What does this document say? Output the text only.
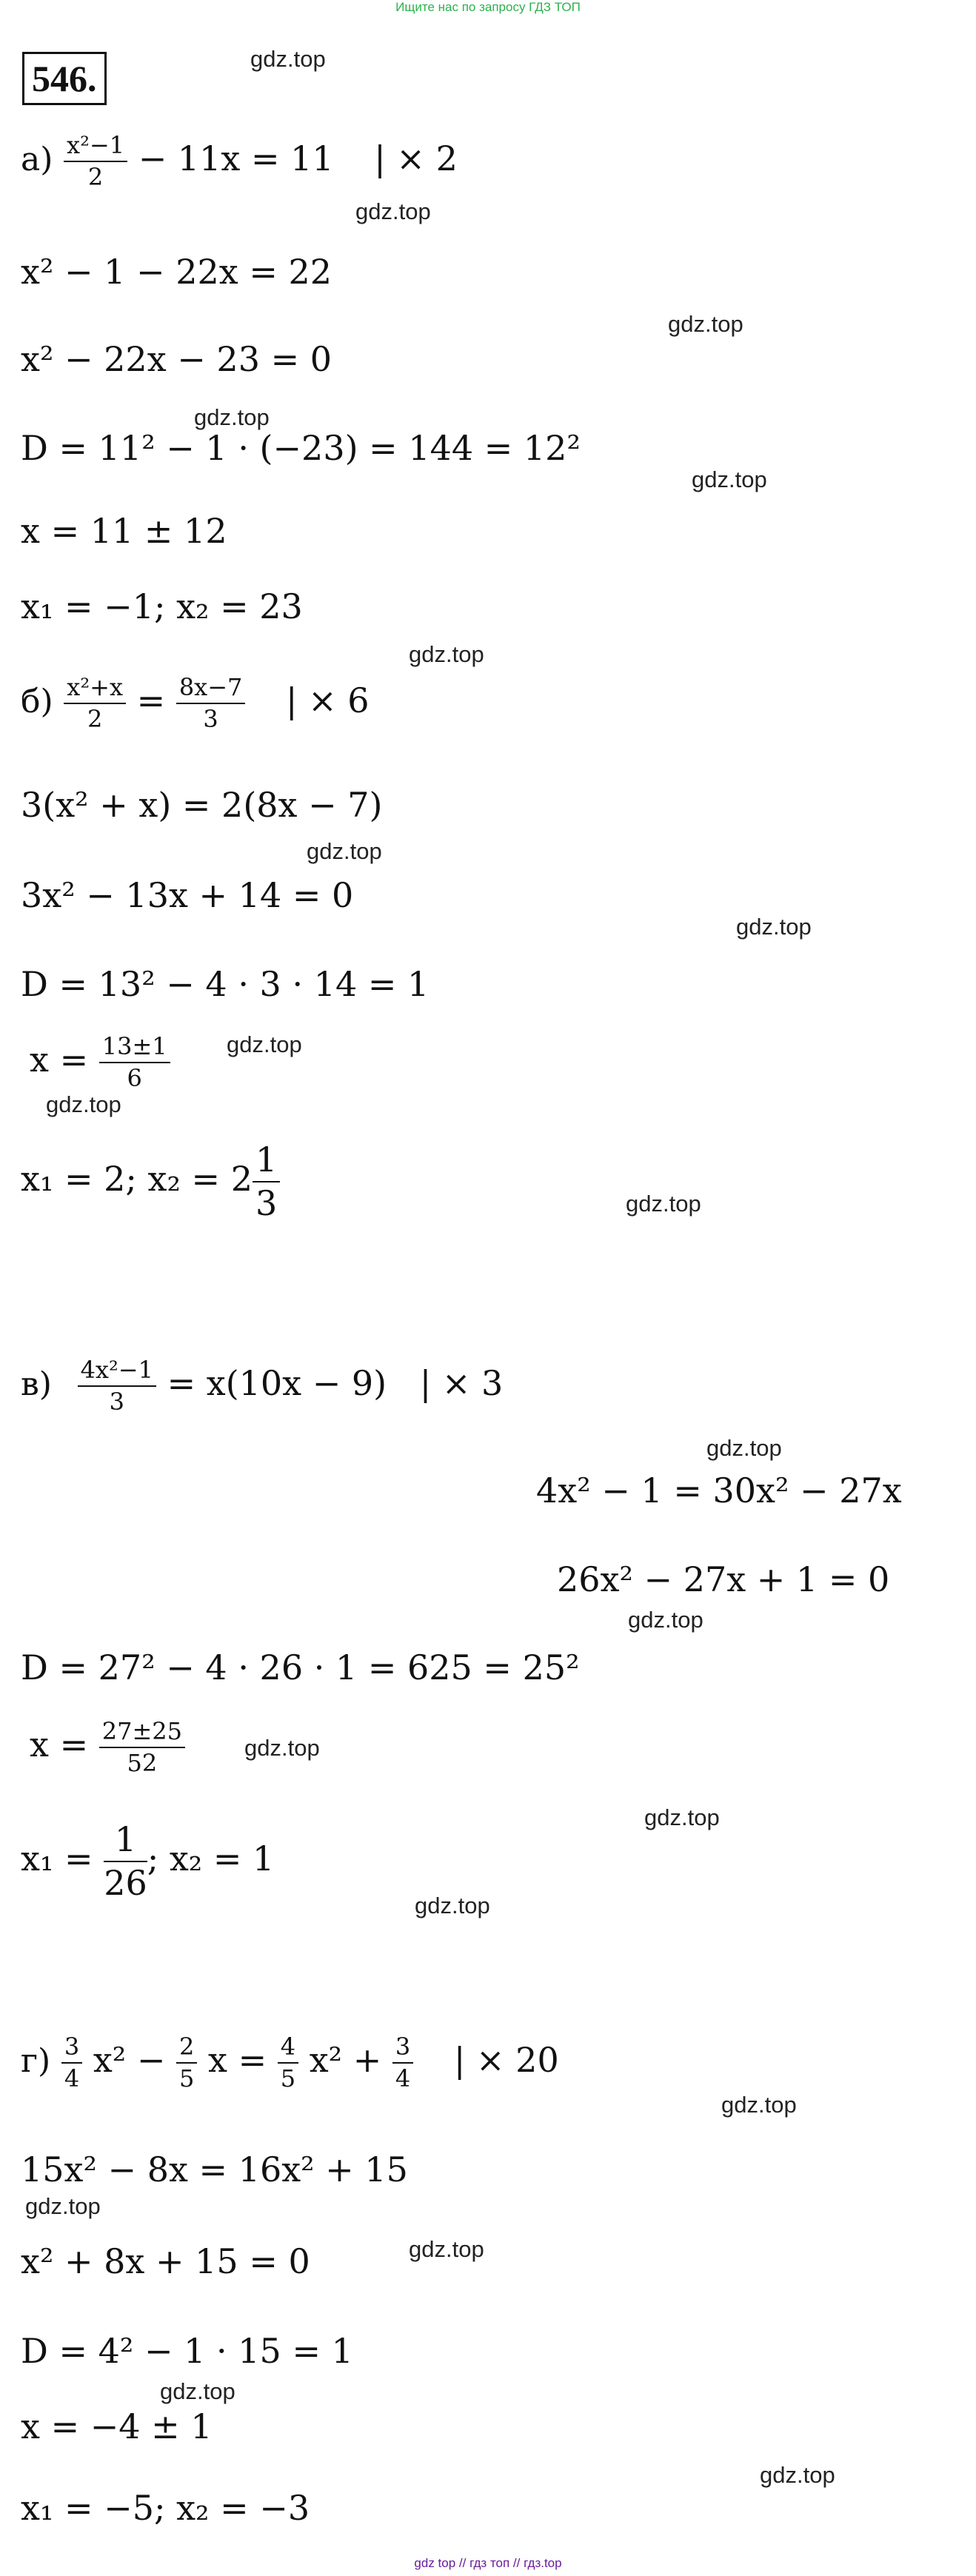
Ищите нас по запросу ГДЗ ТОП
546.	gdz.top
gdz.top
gdz.top
gdz.top
gdz.top
gdz.top
gdz.top
gdz.top
gdz.top
gdz.top
gdz.top
gdz.top
gdz.top
gdz.top
gdz.top
gdz.top
gdz.top
gdz.top
gdz.top
gdz.top
gdz.top
$а) \frac{\text{x²−1}}{2} - 11x = 11$ | × 2
x² − 1 − 22x = 22
x² − 22x − 23 = 0
D = 11² − 1 · (−23) = 144 = 12²
x = 11 ± 12
x₁ = −1; x₂ = 23
$б) \frac{\text{x²+x}}{2} = \frac{8x-7}{3}$ | × 6
3(x² + x) = 2(8x − 7)
3x² − 13x + 14 = 0
D = 13² − 4 · 3 · 14 = 1
$x = \frac{13\pm 1}{6}$
x₁ = 2; $x_2 = 2 \frac{1}{3}$
$в) \frac{\text{4x²−1}}{3} = x(10x - 9)$ | × 3
4x² − 1 = 30x² − 27x
26x² − 27x + 1 = 0
D = 27² − 4 · 26 · 1 = 625 = 25²
$x = \frac{27\pm 25}{52}$
$x_1 = \frac{1}{26}$ ; x₂ = 1
$г) \frac{3}{4} x^2 - \frac{2}{5}$ $x = \frac{4}{5} x^2 + \frac{3}{4}$ | × 20
15x² − 8x = 16x² + 15
x² + 8x + 15 = 0
D = 4² − 1 · 15 = 1
x = −4 ± 1
x₁ = −5; x₂ = −3
gdz top // гдз топ // гдз.top
